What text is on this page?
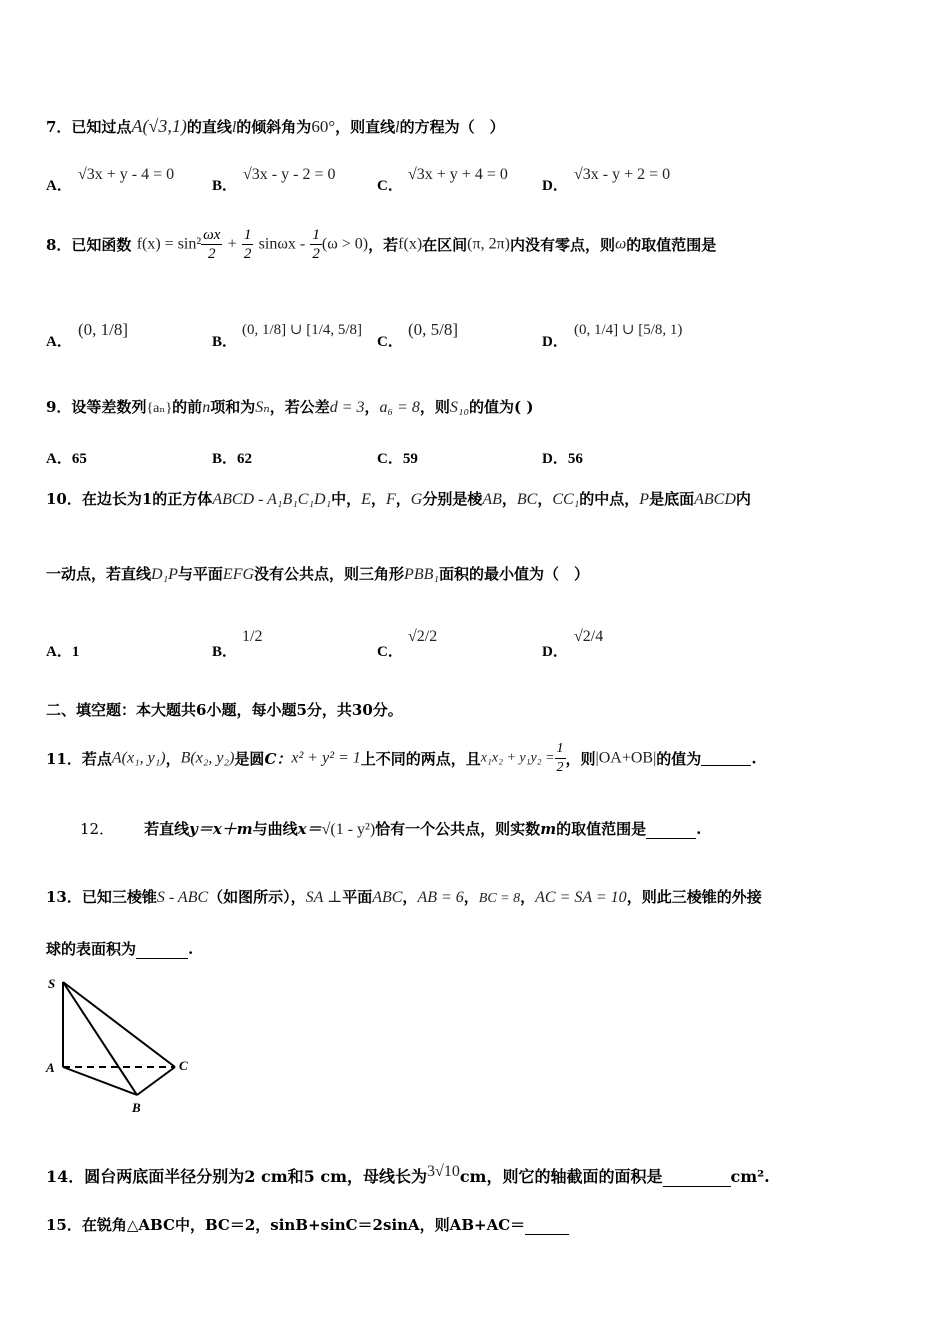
7．已知过点A(√3,1)的直线l的倾斜角为60°，则直线l的方程为（　）
A．
√3x + y - 4 = 0
B．
√3x - y - 2 = 0
C．
√3x + y + 4 = 0
D．
√3x - y + 2 = 0
8．已知函数 $f(x) = \sin^2 \frac{\omega x}{2} + \frac{1}{2}$ $\sin\omega x - \frac{1}{2} (\omega > 0)$，若f(x)在区间(π, 2π)内没有零点，则ω的取值范围是
A．
(0, 1/8]
B．
(0, 1/8] ∪ [1/4, 5/8]
C．
(0, 5/8]
D．
(0, 1/4] ∪ [5/8, 1)
9．设等差数列{aₙ}的前n项和为Sₙ，若公差d = 3，a₆ = 8，则S₁₀的值为( )
A．65	B．62	C．59	D．56
10．在边长为1的正方体ABCD - A₁B₁C₁D₁中，E，F，G分别是棱AB，BC，CC₁的中点，P是底面ABCD内
一动点，若直线D₁P与平面EFG没有公共点，则三角形PBB₁面积的最小值为（　）
A．1	B．
1/2
C．
√2/2
D．
√2/4
二、填空题：本大题共6小题，每小题5分，共30分。
11．若点A(x₁, y₁)，B(x₂, y₂)是圆C：x² + y² = 1上不同的两点，且$x_1x_2 + y_1y_2 = \frac{1}{2}$ ，则|OA+OB|的值为	.
12． 若直线y＝x＋m与曲线x＝√(1 - y²)恰有一个公共点，则实数m的取值范围是	.
13．已知三棱锥S - ABC（如图所示），SA ⊥平面ABC，AB = 6，BC = 8，AC = SA = 10，则此三棱锥的外接
球的表面积为	.
S
A
B
C
14．圆台两底面半径分别为2 cm和5 cm，母线长为3√10cm，则它的轴截面的面积是	cm².
15．在锐角△ABC中，BC＝2，sinB+sinC＝2sinA，则AB+AC＝
